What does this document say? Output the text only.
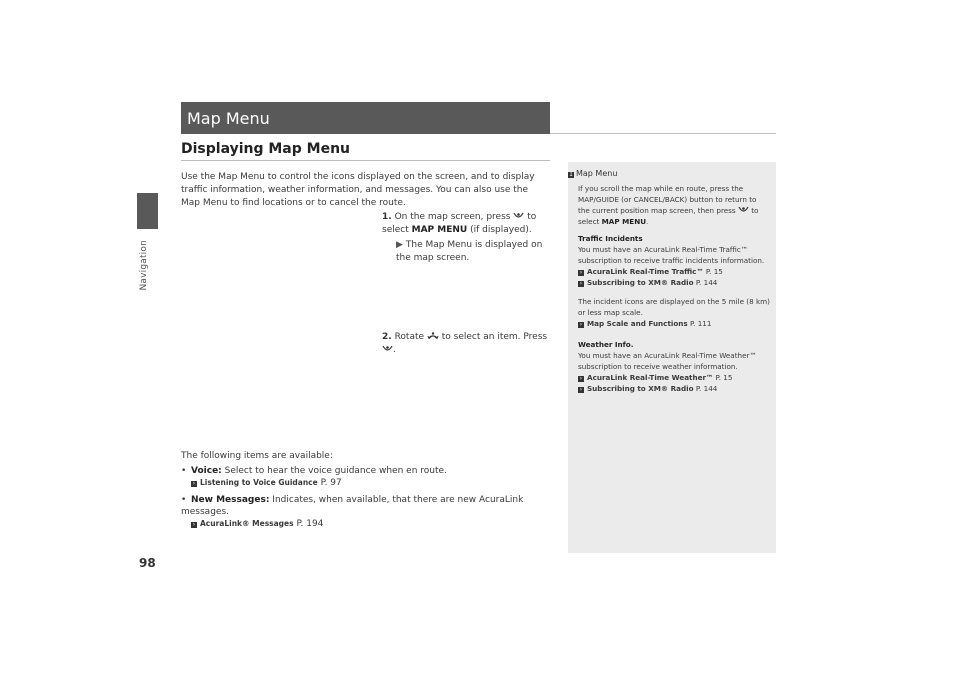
Navigation
98
Map Menu
Displaying Map Menu
Use the Map Menu to control the icons displayed on the screen, and to display traffic information, weather information, and messages. You can also use the Map Menu to find locations or to cancel the route.
1. On the map screen, press  to select MAP MENU (if displayed).
▶ The Map Menu is displayed on the map screen.
2. Rotate  to select an item. Press
.
The following items are available:
• Voice: Select to hear the voice guidance when en route.
› Listening to Voice Guidance P. 97
• New Messages: Indicates, when available, that there are new AcuraLink messages.
› AcuraLink® Messages P. 194
1 Map Menu
If you scroll the map while en route, press the MAP/GUIDE (or CANCEL/BACK) button to return to the current position map screen, then press  to select MAP MENU.
Traffic Incidents
You must have an AcuraLink Real-Time Traffic™ subscription to receive traffic incidents information.
› AcuraLink Real-Time Traffic™ P. 15
› Subscribing to XM® Radio P. 144
The incident icons are displayed on the 5 mile (8 km) or less map scale.
› Map Scale and Functions P. 111
Weather Info.
You must have an AcuraLink Real-Time Weather™ subscription to receive weather information.
› AcuraLink Real-Time Weather™ P. 15
› Subscribing to XM® Radio P. 144
